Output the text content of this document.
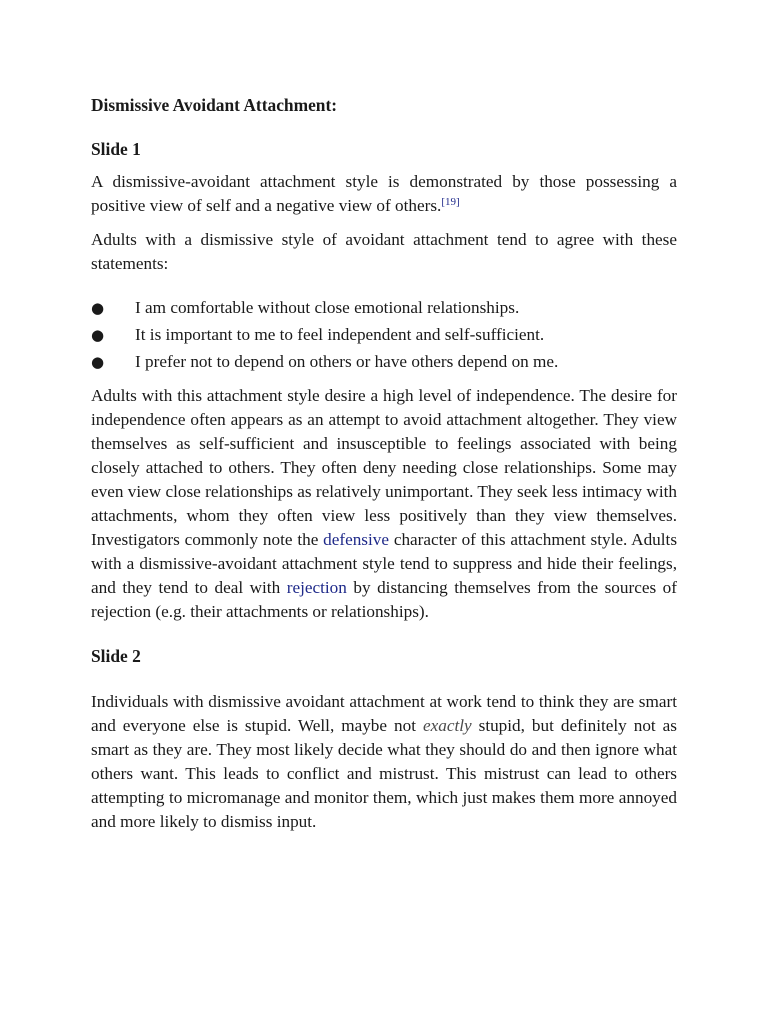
Dismissive Avoidant Attachment:
Slide 1

A dismissive-avoidant attachment style is demonstrated by those possessing a positive view of self and a negative view of others.[19]

Adults with a dismissive style of avoidant attachment tend to agree with these statements:

● I am comfortable without close emotional relationships.
● It is important to me to feel independent and self-sufficient.
● I prefer not to depend on others or have others depend on me.

Adults with this attachment style desire a high level of independence. The desire for independence often appears as an attempt to avoid attachment altogether. They view themselves as self-sufficient and insusceptible to feelings associated with being closely attached to others. They often deny needing close relationships. Some may even view close relationships as relatively unimportant. They seek less intimacy with attachments, whom they often view less positively than they view themselves. Investigators commonly note the defensive character of this attachment style. Adults with a dismissive-avoidant attachment style tend to suppress and hide their feelings, and they tend to deal with rejection by distancing themselves from the sources of rejection (e.g. their attachments or relationships).

Slide 2

Individuals with dismissive avoidant attachment at work tend to think they are smart and everyone else is stupid. Well, maybe not exactly stupid, but definitely not as smart as they are. They most likely decide what they should do and then ignore what others want. This leads to conflict and mistrust. This mistrust can lead to others attempting to micromanage and monitor them, which just makes them more annoyed and more likely to dismiss input.
